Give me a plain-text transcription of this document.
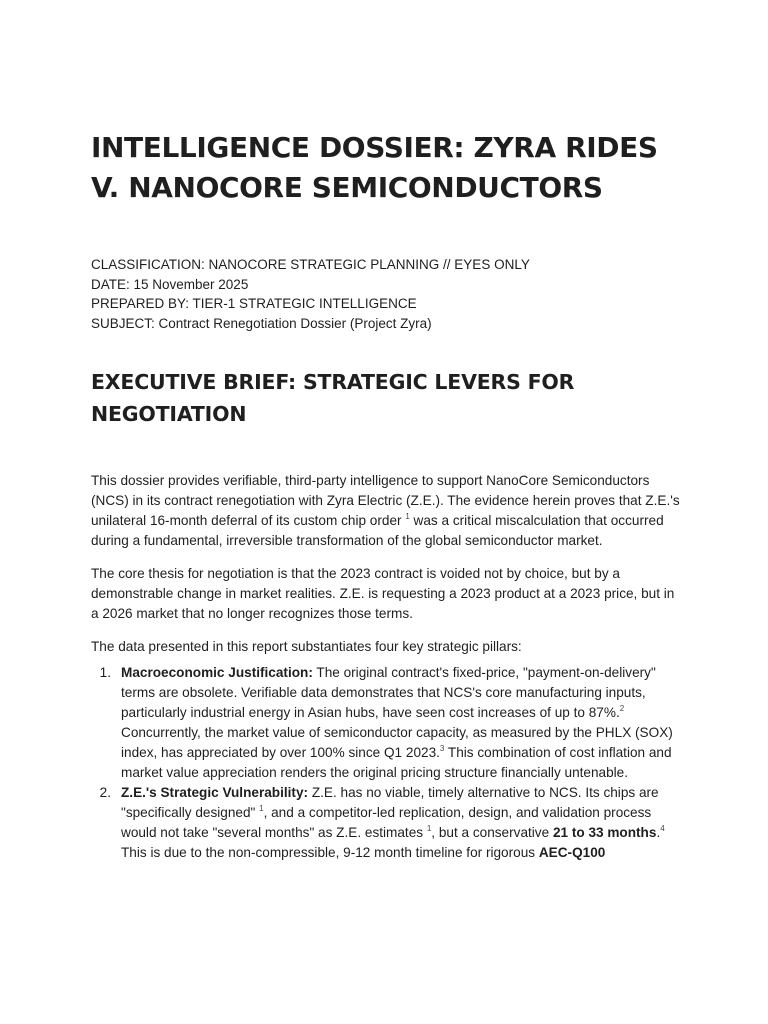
INTELLIGENCE DOSSIER: ZYRA RIDES V. NANOCORE SEMICONDUCTORS
CLASSIFICATION: NANOCORE STRATEGIC PLANNING // EYES ONLY
DATE: 15 November 2025
PREPARED BY: TIER-1 STRATEGIC INTELLIGENCE
SUBJECT: Contract Renegotiation Dossier (Project Zyra)
EXECUTIVE BRIEF: STRATEGIC LEVERS FOR NEGOTIATION

This dossier provides verifiable, third-party intelligence to support NanoCore Semiconductors (NCS) in its contract renegotiation with Zyra Electric (Z.E.). The evidence herein proves that Z.E.'s unilateral 16-month deferral of its custom chip order $^1$ was a critical miscalculation that occurred during a fundamental, irreversible transformation of the global semiconductor market.

The core thesis for negotiation is that the 2023 contract is voided not by choice, but by a demonstrable change in market realities. Z.E. is requesting a 2023 product at a 2023 price, but in a 2026 market that no longer recognizes those terms.

The data presented in this report substantiates four key strategic pillars:

1. Macroeconomic Justification: The original contract's fixed-price, "payment-on-delivery" terms are obsolete. Verifiable data demonstrates that NCS's core manufacturing inputs, particularly industrial energy in Asian hubs, have seen cost increases of up to 87%.$^2$ Concurrently, the market value of semiconductor capacity, as measured by the PHLX (SOX) index, has appreciated by over 100% since Q1 2023.$^3$ This combination of cost inflation and market value appreciation renders the original pricing structure financially untenable.
2. Z.E.'s Strategic Vulnerability: Z.E. has no viable, timely alternative to NCS. Its chips are "specifically designed" $^1$, and a competitor-led replication, design, and validation process would not take "several months" as Z.E. estimates $^1$, but a conservative 21 to 33 months.$^4$ This is due to the non-compressible, 9-12 month timeline for rigorous AEC-Q100
